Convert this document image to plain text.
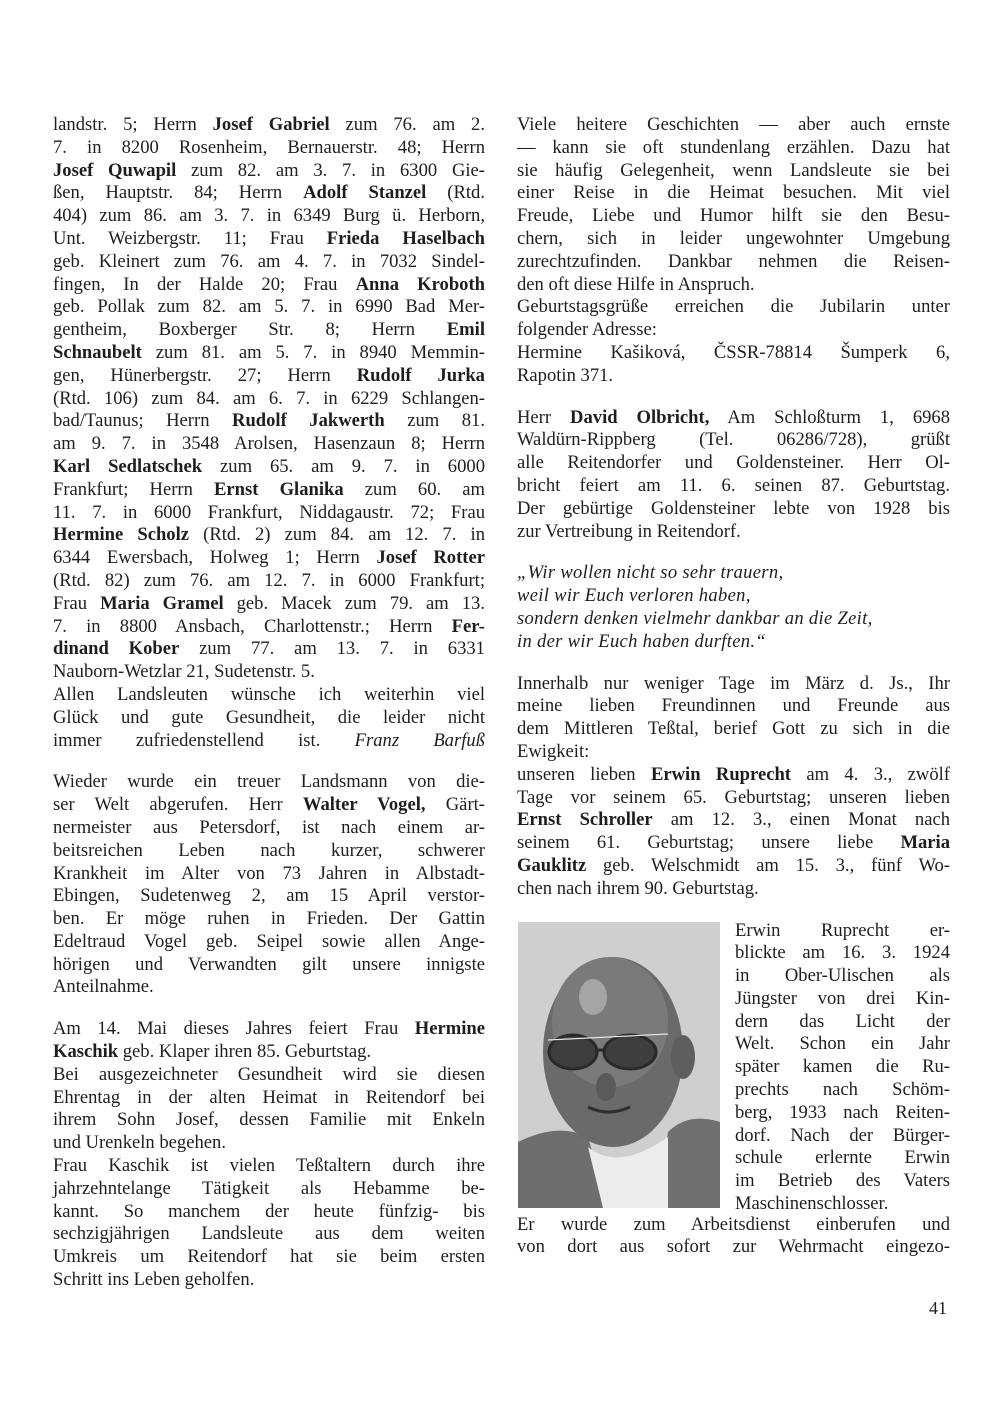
landstr. 5; Herrn Josef Gabriel zum 76. am 2.
7. in 8200 Rosenheim, Bernauerstr. 48; Herrn
Josef Quwapil zum 82. am 3. 7. in 6300 Gie-
ßen, Hauptstr. 84; Herrn Adolf Stanzel (Rtd.
404) zum 86. am 3. 7. in 6349 Burg ü. Herborn,
Unt. Weizbergstr. 11; Frau Frieda Haselbach
geb. Kleinert zum 76. am 4. 7. in 7032 Sindel-
fingen, In der Halde 20; Frau Anna Kroboth
geb. Pollak zum 82. am 5. 7. in 6990 Bad Mer-
gentheim, Boxberger Str. 8; Herrn Emil
Schnaubelt zum 81. am 5. 7. in 8940 Memmin-
gen, Hünerbergstr. 27; Herrn Rudolf Jurka
(Rtd. 106) zum 84. am 6. 7. in 6229 Schlangen-
bad/Taunus; Herrn Rudolf Jakwerth zum 81.
am 9. 7. in 3548 Arolsen, Hasenzaun 8; Herrn
Karl Sedlatschek zum 65. am 9. 7. in 6000
Frankfurt; Herrn Ernst Glanika zum 60. am
11. 7. in 6000 Frankfurt, Niddagaustr. 72; Frau
Hermine Scholz (Rtd. 2) zum 84. am 12. 7. in
6344 Ewersbach, Holweg 1; Herrn Josef Rotter
(Rtd. 82) zum 76. am 12. 7. in 6000 Frankfurt;
Frau Maria Gramel geb. Macek zum 79. am 13.
7. in 8800 Ansbach, Charlottenstr.; Herrn Fer-
dinand Kober zum 77. am 13. 7. in 6331
Nauborn-Wetzlar 21, Sudetenstr. 5.
Allen Landsleuten wünsche ich weiterhin viel
Glück und gute Gesundheit, die leider nicht
immer zufriedenstellend ist. Franz Barfuß
Wieder wurde ein treuer Landsmann von die-
ser Welt abgerufen. Herr Walter Vogel, Gärt-
nermeister aus Petersdorf, ist nach einem ar-
beitsreichen Leben nach kurzer, schwerer
Krankheit im Alter von 73 Jahren in Albstadt-
Ebingen, Sudetenweg 2, am 15 April verstor-
ben. Er möge ruhen in Frieden. Der Gattin
Edeltraud Vogel geb. Seipel sowie allen Ange-
hörigen und Verwandten gilt unsere innigste
Anteilnahme.
Am 14. Mai dieses Jahres feiert Frau Hermine
Kaschik geb. Klaper ihren 85. Geburtstag.
Bei ausgezeichneter Gesundheit wird sie diesen
Ehrentag in der alten Heimat in Reitendorf bei
ihrem Sohn Josef, dessen Familie mit Enkeln
und Urenkeln begehen.
Frau Kaschik ist vielen Teßtaltern durch ihre
jahrzehntelange Tätigkeit als Hebamme be-
kannt. So manchem der heute fünfzig- bis
sechzigjährigen Landsleute aus dem weiten
Umkreis um Reitendorf hat sie beim ersten
Schritt ins Leben geholfen.
Viele heitere Geschichten — aber auch ernste
— kann sie oft stundenlang erzählen. Dazu hat
sie häufig Gelegenheit, wenn Landsleute sie bei
einer Reise in die Heimat besuchen. Mit viel
Freude, Liebe und Humor hilft sie den Besu-
chern, sich in leider ungewohnter Umgebung
zurechtzufinden. Dankbar nehmen die Reisen-
den oft diese Hilfe in Anspruch.
Geburtstagsgrüße erreichen die Jubilarin unter
folgender Adresse:
Hermine Kašiková, ČSSR-78814 Šumperk 6,
Rapotin 371.
Herr David Olbricht, Am Schloßturm 1, 6968
Waldürn-Rippberg (Tel. 06286/728), grüßt
alle Reitendorfer und Goldensteiner. Herr Ol-
bricht feiert am 11. 6. seinen 87. Geburtstag.
Der gebürtige Goldensteiner lebte von 1928 bis
zur Vertreibung in Reitendorf.
„Wir wollen nicht so sehr trauern,
weil wir Euch verloren haben,
sondern denken vielmehr dankbar an die Zeit,
in der wir Euch haben durften.“
Innerhalb nur weniger Tage im März d. Js., Ihr
meine lieben Freundinnen und Freunde aus
dem Mittleren Teßtal, berief Gott zu sich in die
Ewigkeit:
unseren lieben Erwin Ruprecht am 4. 3., zwölf
Tage vor seinem 65. Geburtstag; unseren lieben
Ernst Schroller am 12. 3., einen Monat nach
seinem 61. Geburtstag; unsere liebe Maria
Gauklitz geb. Welschmidt am 15. 3., fünf Wo-
chen nach ihrem 90. Geburtstag.
Erwin Ruprecht er-
blickte am 16. 3. 1924
in Ober-Ulischen als
Jüngster von drei Kin-
dern das Licht der
Welt. Schon ein Jahr
später kamen die Ru-
prechts nach Schöm-
berg, 1933 nach Reiten-
dorf. Nach der Bürger-
schule erlernte Erwin
im Betrieb des Vaters
Maschinenschlosser.
Er wurde zum Arbeitsdienst einberufen und
von dort aus sofort zur Wehrmacht eingezo-
41
